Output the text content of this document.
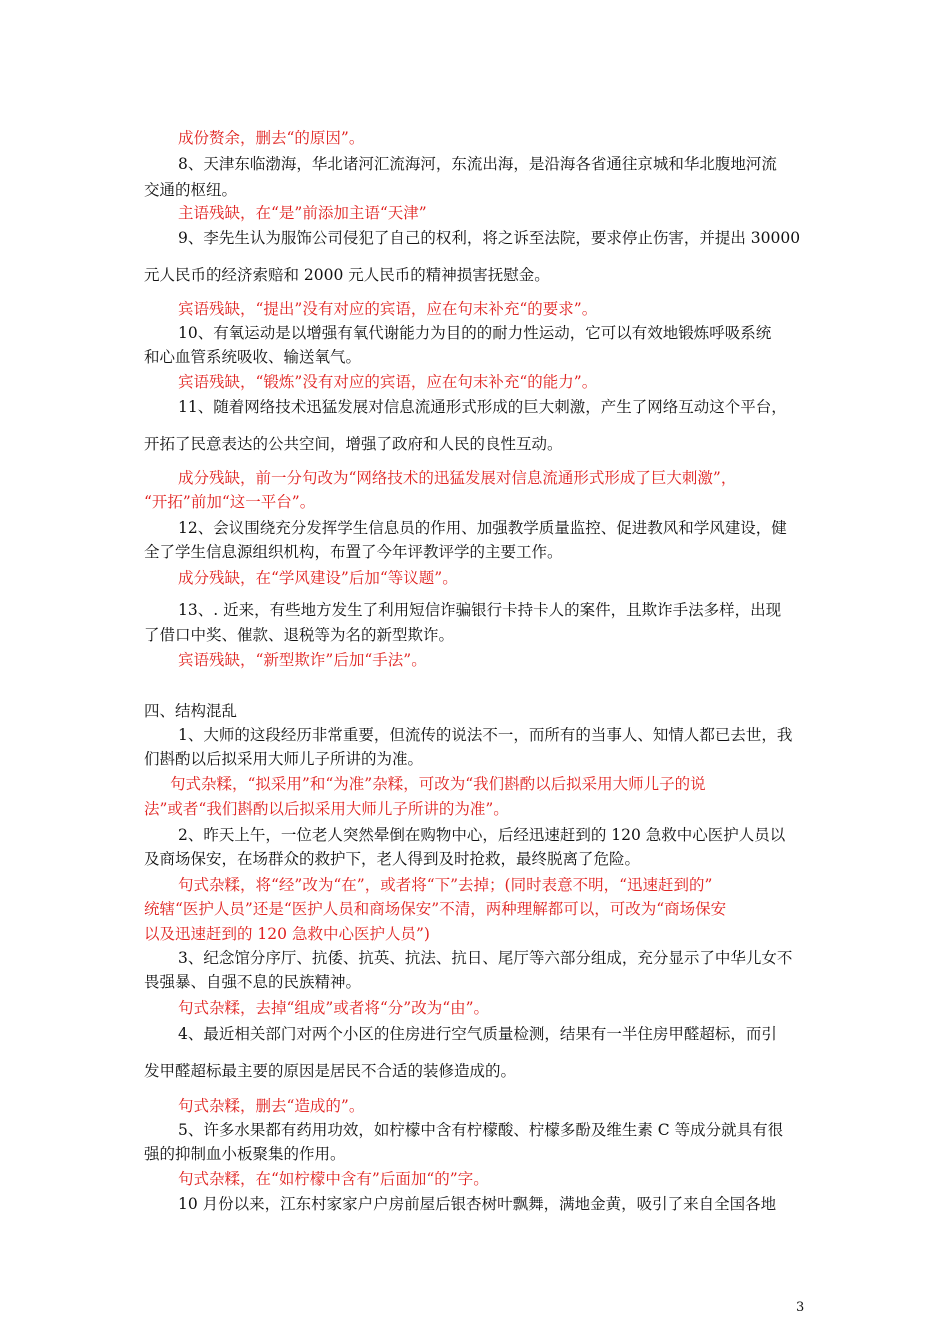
成份赘余，删去“的原因”。
8、天津东临渤海，华北诸河汇流海河，东流出海，是沿海各省通往京城和华北腹地河流
交通的枢纽。
主语残缺，在“是”前添加主语“天津”
9、李先生认为服饰公司侵犯了自己的权利，将之诉至法院，要求停止伤害，并提出 30000
元人民币的经济索赔和 2000 元人民币的精神损害抚慰金。
宾语残缺，“提出”没有对应的宾语，应在句末补充“的要求”。
10、有氧运动是以增强有氧代谢能力为目的的耐力性运动，它可以有效地锻炼呼吸系统
和心血管系统吸收、输送氧气。
宾语残缺，“锻炼”没有对应的宾语，应在句末补充“的能力”。
11、随着网络技术迅猛发展对信息流通形式形成的巨大刺激，产生了网络互动这个平台，
开拓了民意表达的公共空间，增强了政府和人民的良性互动。
成分残缺，前一分句改为“网络技术的迅猛发展对信息流通形式形成了巨大刺激”，
“开拓”前加“这一平台”。
12、会议围绕充分发挥学生信息员的作用、加强教学质量监控、促进教风和学风建设，健
全了学生信息源组织机构，布置了今年评教评学的主要工作。
成分残缺，在“学风建设”后加“等议题”。
13、. 近来，有些地方发生了利用短信诈骗银行卡持卡人的案件，且欺诈手法多样，出现
了借口中奖、催款、退税等为名的新型欺诈。
宾语残缺，“新型欺诈”后加“手法”。
四、结构混乱
1、大师的这段经历非常重要，但流传的说法不一，而所有的当事人、知情人都已去世，我
们斟酌以后拟采用大师儿子所讲的为准。
句式杂糅，“拟采用”和“为准”杂糅，可改为“我们斟酌以后拟采用大师儿子的说
法”或者“我们斟酌以后拟采用大师儿子所讲的为准”。
2、昨天上午，一位老人突然晕倒在购物中心，后经迅速赶到的 120 急救中心医护人员以
及商场保安，在场群众的救护下，老人得到及时抢救，最终脱离了危险。
句式杂糅，将“经”改为“在”，或者将“下”去掉；(同时表意不明，“迅速赶到的”
统辖“医护人员”还是“医护人员和商场保安”不清，两种理解都可以，可改为“商场保安
以及迅速赶到的 120 急救中心医护人员”)
3、纪念馆分序厅、抗倭、抗英、抗法、抗日、尾厅等六部分组成，充分显示了中华儿女不
畏强暴、自强不息的民族精神。
句式杂糅，去掉“组成”或者将“分”改为“由”。
4、最近相关部门对两个小区的住房进行空气质量检测，结果有一半住房甲醛超标，而引
发甲醛超标最主要的原因是居民不合适的装修造成的。
句式杂糅，删去“造成的”。
5、许多水果都有药用功效，如柠檬中含有柠檬酸、柠檬多酚及维生素 C 等成分就具有很
强的抑制血小板聚集的作用。
句式杂糅，在“如柠檬中含有”后面加“的”字。
10 月份以来，江东村家家户户房前屋后银杏树叶飘舞，满地金黄，吸引了来自全国各地
3
